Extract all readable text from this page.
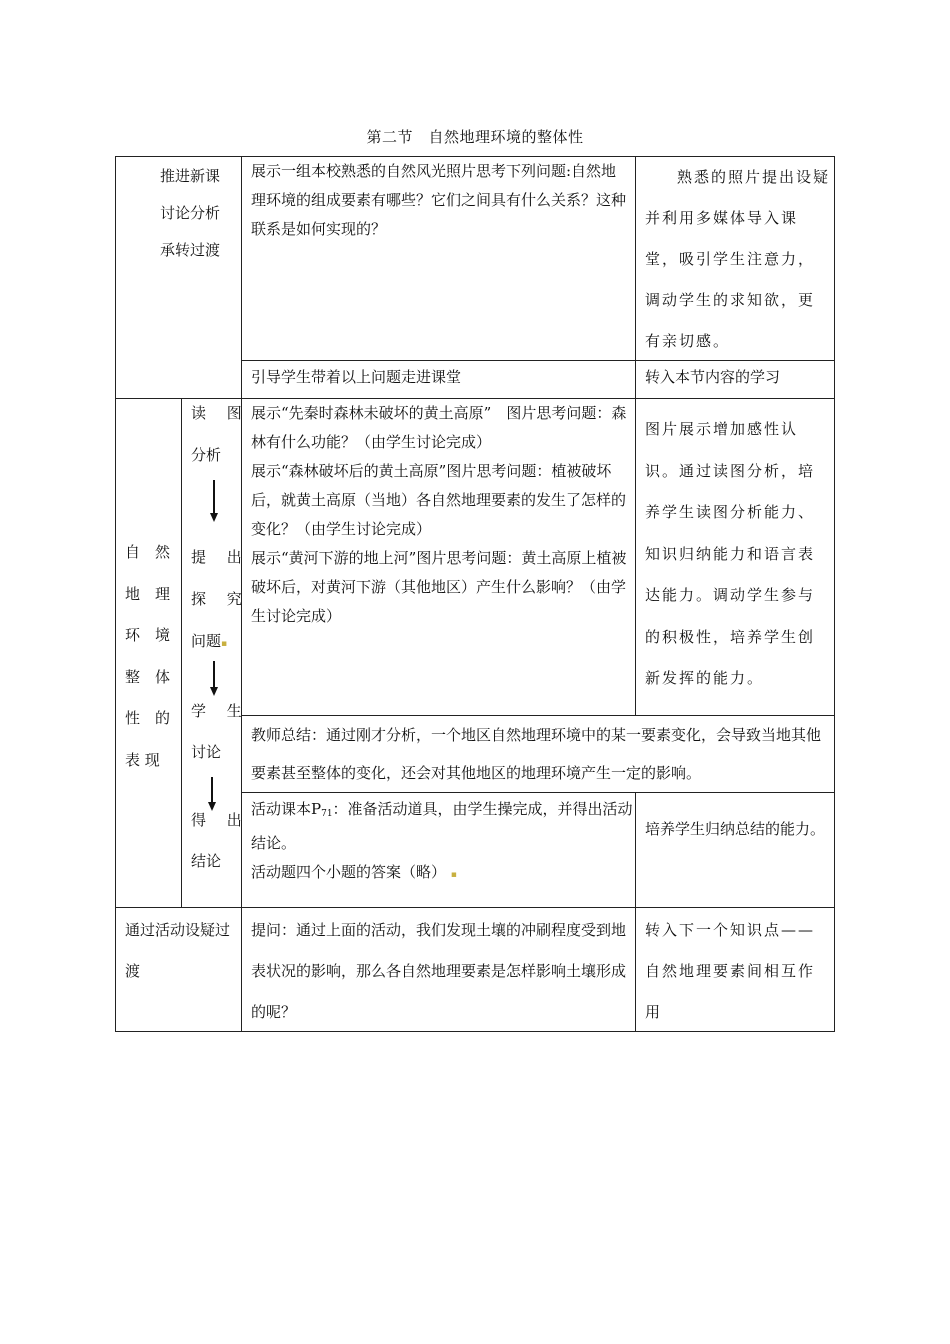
第二节　自然地理环境的整体性
推进新课
讨论分析
承转过渡
展示一组本校熟悉的自然风光照片思考下列问题:自然地理环境的组成要素有哪些？它们之间具有什么关系？这种联系是如何实现的？
熟悉的照片提出设疑并利用多媒体导入课堂，吸引学生注意力，调动学生的求知欲，更有亲切感。
引导学生带着以上问题走进课堂	转入本节内容的学习
自　然
地　理
环　境
整　体
性　的
表 现
读 图
分析
提 出
探 究
问题▪
学 生
讨论
得 出
结论
展示“先秦时森林未破坏的黄土高原”　图片思考问题：森林有什么功能？（由学生讨论完成）
展示“森林破坏后的黄土高原”图片思考问题：植被破坏后，就黄土高原（当地）各自然地理要素的发生了怎样的变化？（由学生讨论完成）
展示“黄河下游的地上河”图片思考问题：黄土高原上植被破坏后，对黄河下游（其他地区）产生什么影响？（由学生讨论完成）
图片展示增加感性认识。通过读图分析，培养学生读图分析能力、知识归纳能力和语言表达能力。调动学生参与的积极性，培养学生创新发挥的能力。
教师总结：通过刚才分析，一个地区自然地理环境中的某一要素变化，会导致当地其他要素甚至整体的变化，还会对其他地区的地理环境产生一定的影响。
活动课本$P_{71}$：准备活动道具，由学生操完成，并得出活动结论。
活动题四个小题的答案（略） ▪
培养学生归纳总结的能力。
通过活动设疑过渡
提问：通过上面的活动，我们发现土壤的冲刷程度受到地表状况的影响，那么各自然地理要素是怎样影响土壤形成的呢？
转入下一个知识点——自然地理要素间相互作用
